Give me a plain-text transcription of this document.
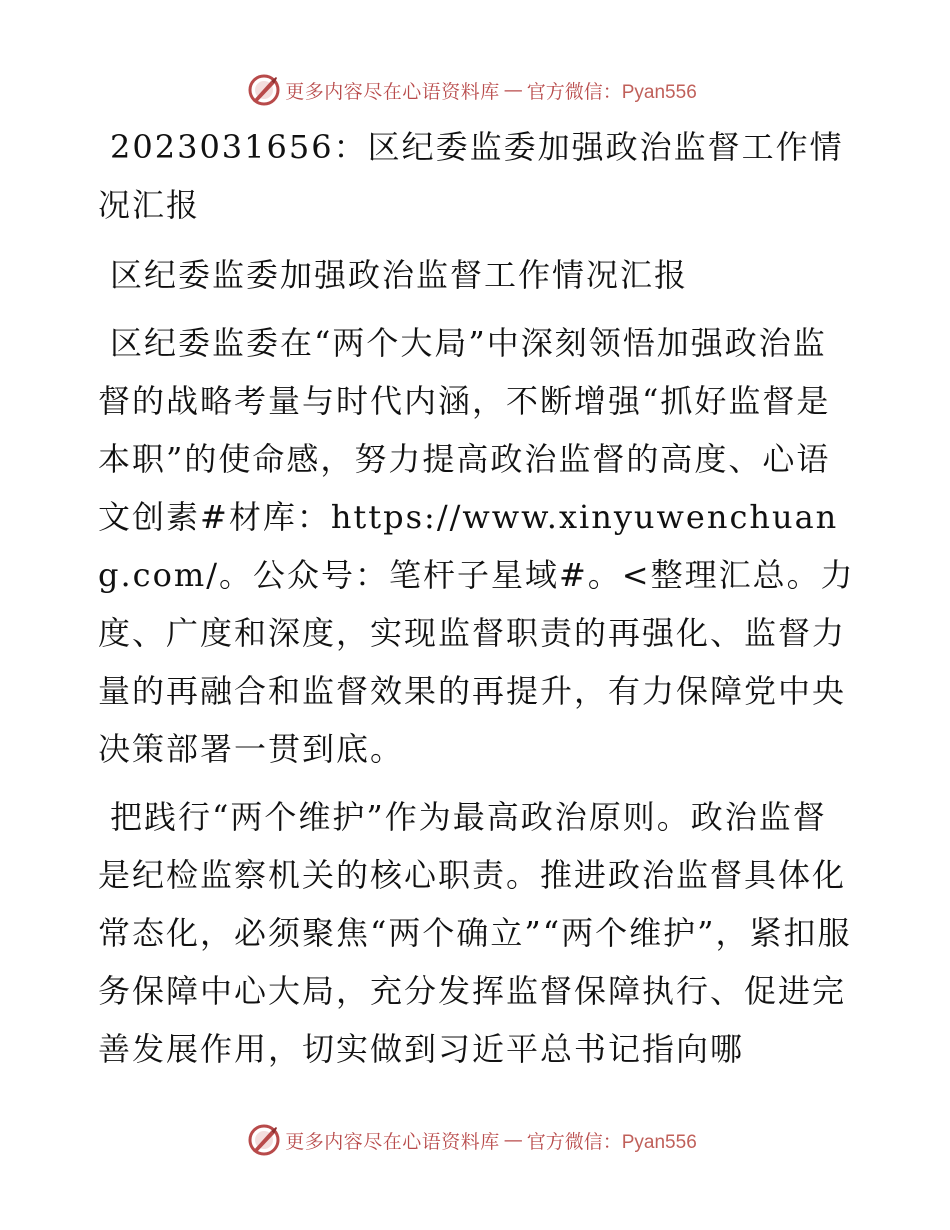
更多内容尽在心语资料库 — 官方微信：Pyan556

2023031656：区纪委监委加强政治监督工作情况汇报

区纪委监委加强政治监督工作情况汇报

区纪委监委在“两个大局”中深刻领悟加强政治监督的战略考量与时代内涵，不断增强“抓好监督是本职”的使命感，努力提高政治监督的高度、心语文创素#材库：https://www.xinyuwenchuang.com/。公众号：笔杆子星域#。<整理汇总。力度、广度和深度，实现监督职责的再强化、监督力量的再融合和监督效果的再提升，有力保障党中央决策部署一贯到底。

把践行“两个维护”作为最高政治原则。政治监督是纪检监察机关的核心职责。推进政治监督具体化常态化，必须聚焦“两个确立”“两个维护”，紧扣服务保障中心大局，充分发挥监督保障执行、促进完善发展作用，切实做到习近平总书记指向哪

更多内容尽在心语资料库 — 官方微信：Pyan556
